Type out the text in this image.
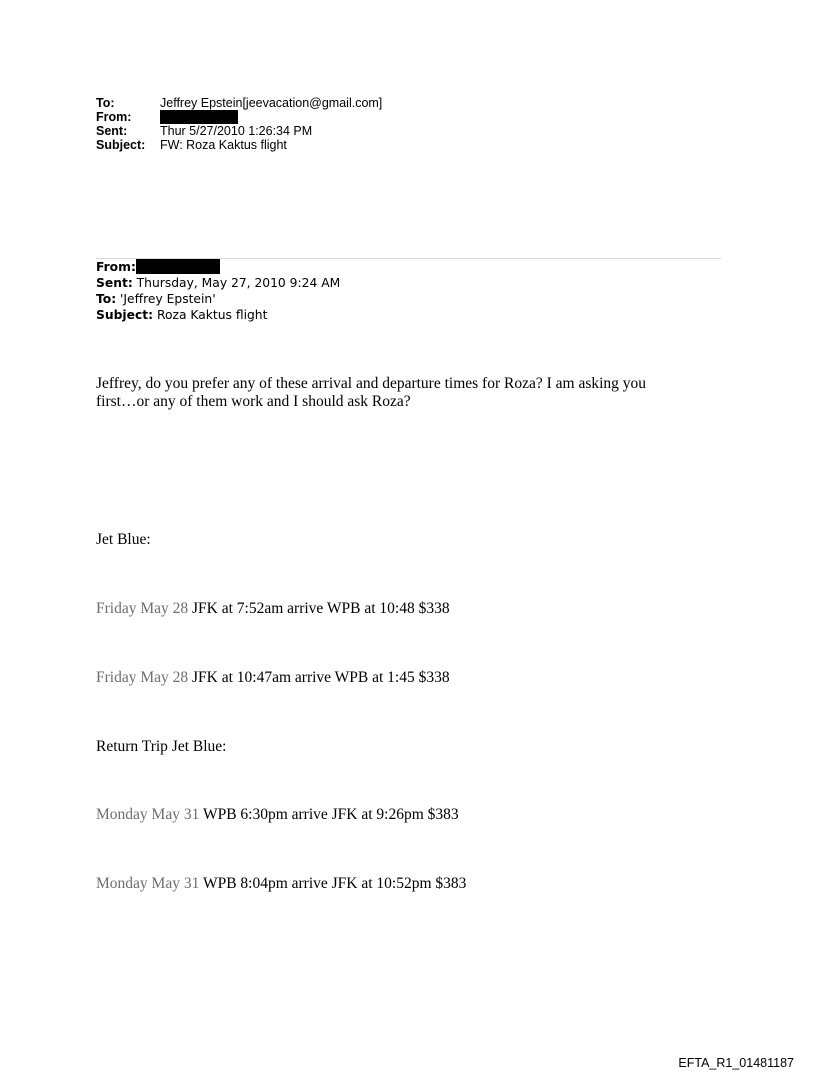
To:	Jeffrey Epstein[jeevacation@gmail.com]
From:
Sent:	Thur 5/27/2010 1:26:34 PM
Subject:	FW: Roza Kaktus flight
From:
Sent: Thursday, May 27, 2010 9:24 AM
To: 'Jeffrey Epstein'
Subject: Roza Kaktus flight
Jeffrey, do you prefer any of these arrival and departure times for Roza? I am asking you
first…or any of them work and I should ask Roza?
Jet Blue:
Friday May 28 JFK at 7:52am arrive WPB at 10:48 $338
Friday May 28 JFK at 10:47am arrive WPB at 1:45 $338
Return Trip Jet Blue:
Monday May 31 WPB 6:30pm arrive JFK at 9:26pm $383
Monday May 31 WPB 8:04pm arrive JFK at 10:52pm $383
EFTA_R1_01481187
